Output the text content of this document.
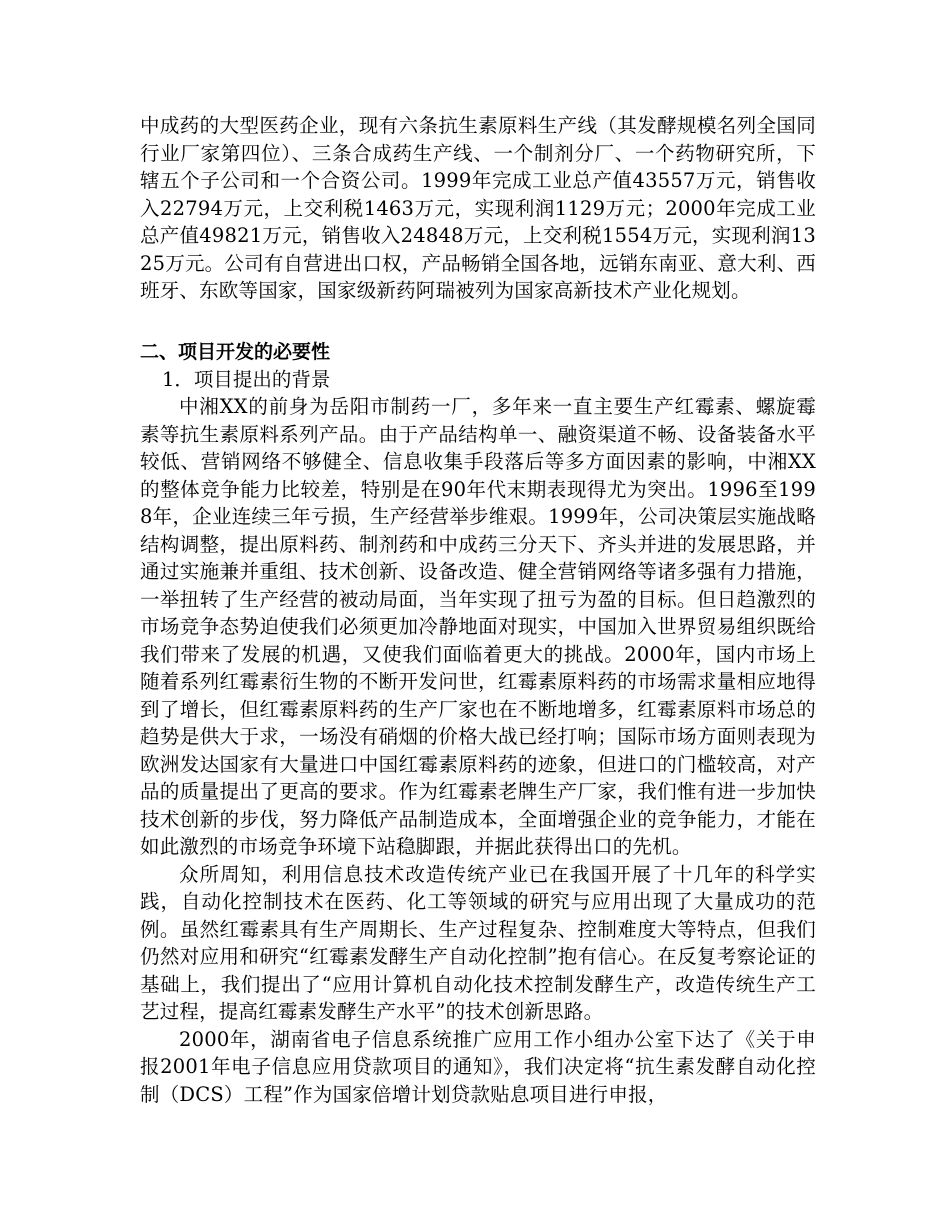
中成药的大型医药企业，现有六条抗生素原料生产线（其发酵规模名列全国同行业厂家第四位）、三条合成药生产线、一个制剂分厂、一个药物研究所，下辖五个子公司和一个合资公司。1999年完成工业总产值43557万元，销售收入22794万元，上交利税1463万元，实现利润1129万元；2000年完成工业总产值49821万元，销售收入24848万元，上交利税1554万元，实现利润1325万元。公司有自营进出口权，产品畅销全国各地，远销东南亚、意大利、西班牙、东欧等国家，国家级新药阿瑞被列为国家高新技术产业化规划。

二、项目开发的必要性

1．项目提出的背景

中湘XX的前身为岳阳市制药一厂，多年来一直主要生产红霉素、螺旋霉素等抗生素原料系列产品。由于产品结构单一、融资渠道不畅、设备装备水平较低、营销网络不够健全、信息收集手段落后等多方面因素的影响，中湘XX的整体竞争能力比较差，特别是在90年代末期表现得尤为突出。1996至1998年，企业连续三年亏损，生产经营举步维艰。1999年，公司决策层实施战略结构调整，提出原料药、制剂药和中成药三分天下、齐头并进的发展思路，并通过实施兼并重组、技术创新、设备改造、健全营销网络等诸多强有力措施，一举扭转了生产经营的被动局面，当年实现了扭亏为盈的目标。但日趋激烈的市场竞争态势迫使我们必须更加冷静地面对现实，中国加入世界贸易组织既给我们带来了发展的机遇，又使我们面临着更大的挑战。2000年，国内市场上随着系列红霉素衍生物的不断开发问世，红霉素原料药的市场需求量相应地得到了增长，但红霉素原料药的生产厂家也在不断地增多，红霉素原料市场总的趋势是供大于求，一场没有硝烟的价格大战已经打响；国际市场方面则表现为欧洲发达国家有大量进口中国红霉素原料药的迹象，但进口的门槛较高，对产品的质量提出了更高的要求。作为红霉素老牌生产厂家，我们惟有进一步加快技术创新的步伐，努力降低产品制造成本，全面增强企业的竞争能力，才能在如此激烈的市场竞争环境下站稳脚跟，并据此获得出口的先机。

众所周知，利用信息技术改造传统产业已在我国开展了十几年的科学实践，自动化控制技术在医药、化工等领域的研究与应用出现了大量成功的范例。虽然红霉素具有生产周期长、生产过程复杂、控制难度大等特点，但我们仍然对应用和研究“红霉素发酵生产自动化控制”抱有信心。在反复考察论证的基础上，我们提出了“应用计算机自动化技术控制发酵生产，改造传统生产工艺过程，提高红霉素发酵生产水平”的技术创新思路。

2000年，湖南省电子信息系统推广应用工作小组办公室下达了《关于申报2001年电子信息应用贷款项目的通知》，我们决定将“抗生素发酵自动化控制（DCS）工程”作为国家倍增计划贷款贴息项目进行申报，
